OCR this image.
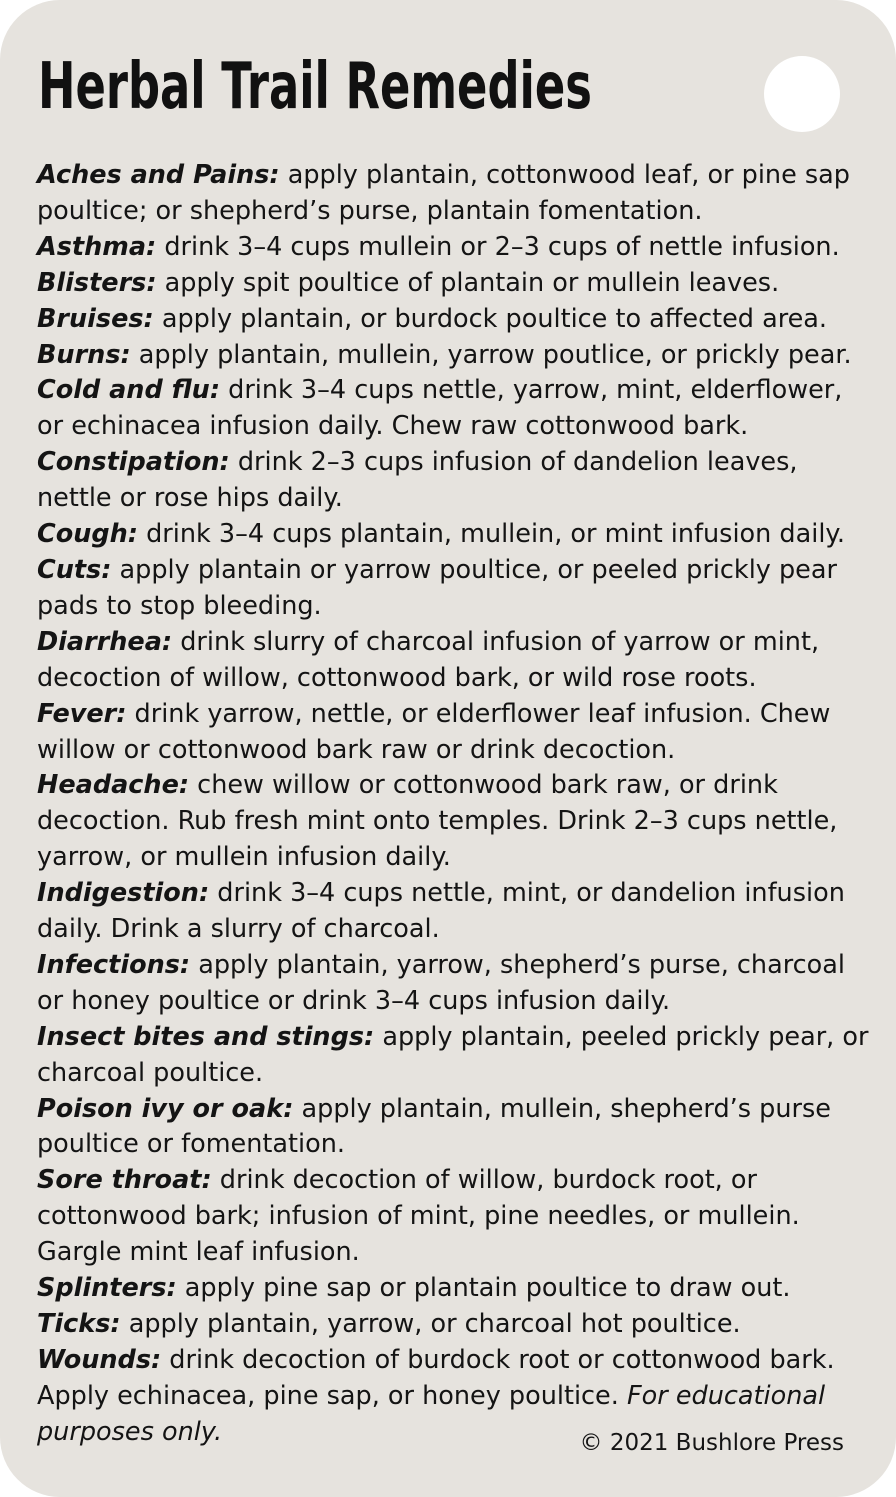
Herbal Trail Remedies

Aches and Pains: apply plantain, cottonwood leaf, or pine sap poultice; or shepherd’s purse, plantain fomentation.

Asthma: drink 3–4 cups mullein or 2–3 cups of nettle infusion.

Blisters: apply spit poultice of plantain or mullein leaves.

Bruises: apply plantain, or burdock poultice to affected area.

Burns: apply plantain, mullein, yarrow poutlice, or prickly pear.

Cold and flu: drink 3–4 cups nettle, yarrow, mint, elderflower, or echinacea infusion daily. Chew raw cottonwood bark.

Constipation: drink 2–3 cups infusion of dandelion leaves, nettle or rose hips daily.

Cough: drink 3–4 cups plantain, mullein, or mint infusion daily.

Cuts: apply plantain or yarrow poultice, or peeled prickly pear pads to stop bleeding.

Diarrhea: drink slurry of charcoal infusion of yarrow or mint, decoction of willow, cottonwood bark, or wild rose roots.

Fever: drink yarrow, nettle, or elderflower leaf infusion. Chew willow or cottonwood bark raw or drink decoction.

Headache: chew willow or cottonwood bark raw, or drink decoction. Rub fresh mint onto temples. Drink 2–3 cups nettle, yarrow, or mullein infusion daily.

Indigestion: drink 3–4 cups nettle, mint, or dandelion infusion daily. Drink a slurry of charcoal.

Infections: apply plantain, yarrow, shepherd’s purse, charcoal or honey poultice or drink 3–4 cups infusion daily.

Insect bites and stings: apply plantain, peeled prickly pear, or charcoal poultice.

Poison ivy or oak: apply plantain, mullein, shepherd’s purse poultice or fomentation.

Sore throat: drink decoction of willow, burdock root, or cottonwood bark; infusion of mint, pine needles, or mullein. Gargle mint leaf infusion.

Splinters: apply pine sap or plantain poultice to draw out.

Ticks: apply plantain, yarrow, or charcoal hot poultice.

Wounds: drink decoction of burdock root or cottonwood bark. Apply echinacea, pine sap, or honey poultice. For educational purposes only.	© 2021 Bushlore Press
